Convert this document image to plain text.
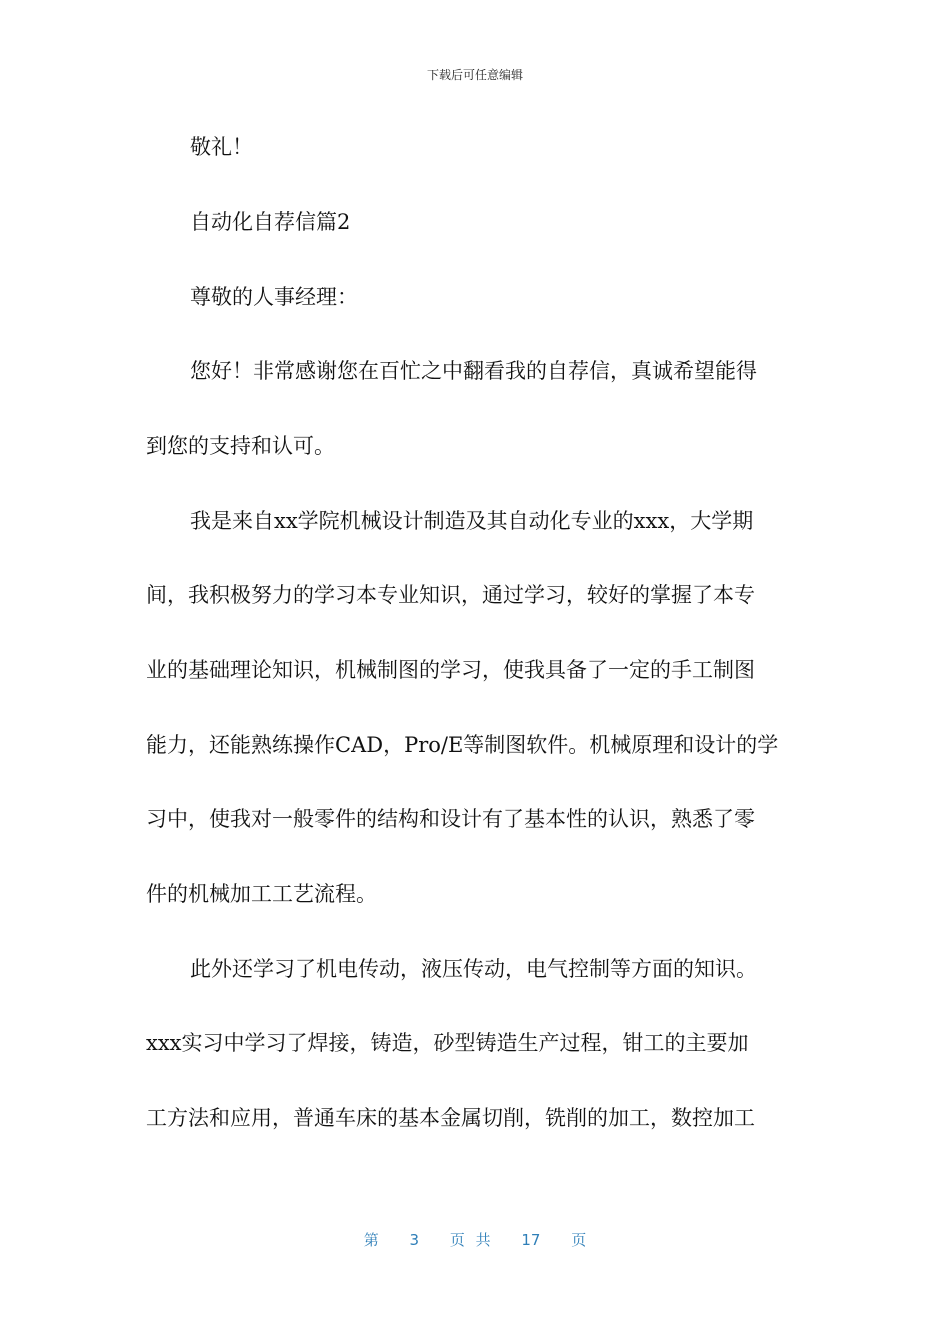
下载后可任意编辑
敬礼！
自动化自荐信篇2
尊敬的人事经理：
您好！非常感谢您在百忙之中翻看我的自荐信，真诚希望能得
到您的支持和认可。
我是来自xx学院机械设计制造及其自动化专业的xxx，大学期
间，我积极努力的学习本专业知识，通过学习，较好的掌握了本专
业的基础理论知识，机械制图的学习，使我具备了一定的手工制图
能力，还能熟练操作CAD，Pro/E等制图软件。机械原理和设计的学
习中，使我对一般零件的结构和设计有了基本性的认识，熟悉了零
件的机械加工工艺流程。
此外还学习了机电传动，液压传动，电气控制等方面的知识。
xxx实习中学习了焊接，铸造，砂型铸造生产过程，钳工的主要加
工方法和应用，普通车床的基本金属切削，铣削的加工，数控加工
第 3 页 共 17 页
